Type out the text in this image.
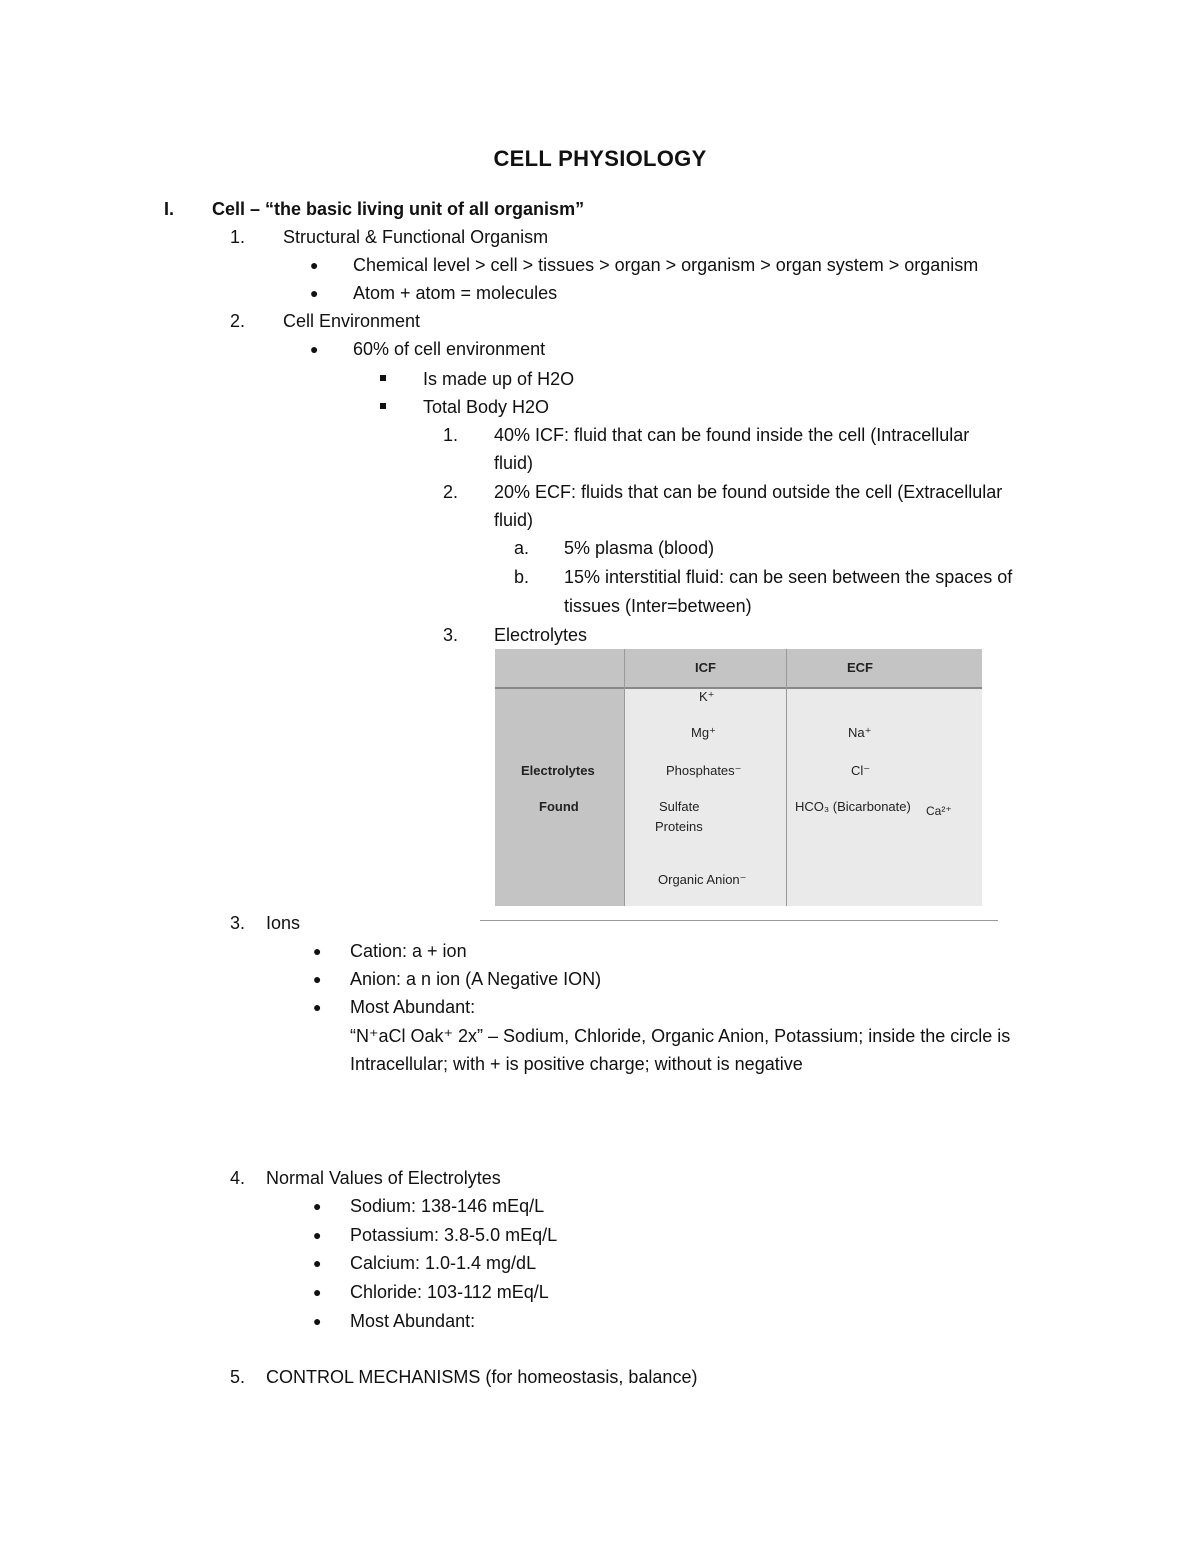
CELL PHYSIOLOGY
I. Cell – “the basic living unit of all organism”
1. Structural & Functional Organism
● Chemical level > cell > tissues > organ > organism > organ system > organism
● Atom + atom = molecules
2. Cell Environment
● 60% of cell environment
Is made up of H2O
Total Body H2O
1. 40% ICF: fluid that can be found inside the cell (Intracellular
fluid)
2. 20% ECF: fluids that can be found outside the cell (Extracellular
fluid)
a. 5% plasma (blood)
b. 15% interstitial fluid: can be seen between the spaces of
tissues (Inter=between)
3. Electrolytes
ICF	ECF
Electrolytes
Found
K⁺
Mg⁺
Phosphates⁻
Sulfate
Proteins
Organic Anion⁻
Na⁺
Cl⁻
HCO₃ (Bicarbonate) Ca²⁺
3. Ions
● Cation: a + ion
● Anion: a n ion (A Negative ION)
● Most Abundant:
“N⁺aCl Oak⁺ 2x” – Sodium, Chloride, Organic Anion, Potassium; inside the circle is
Intracellular; with + is positive charge; without is negative
4. Normal Values of Electrolytes
● Sodium: 138-146 mEq/L
● Potassium: 3.8-5.0 mEq/L
● Calcium: 1.0-1.4 mg/dL
● Chloride: 103-112 mEq/L
● Most Abundant:
5. CONTROL MECHANISMS (for homeostasis, balance)
